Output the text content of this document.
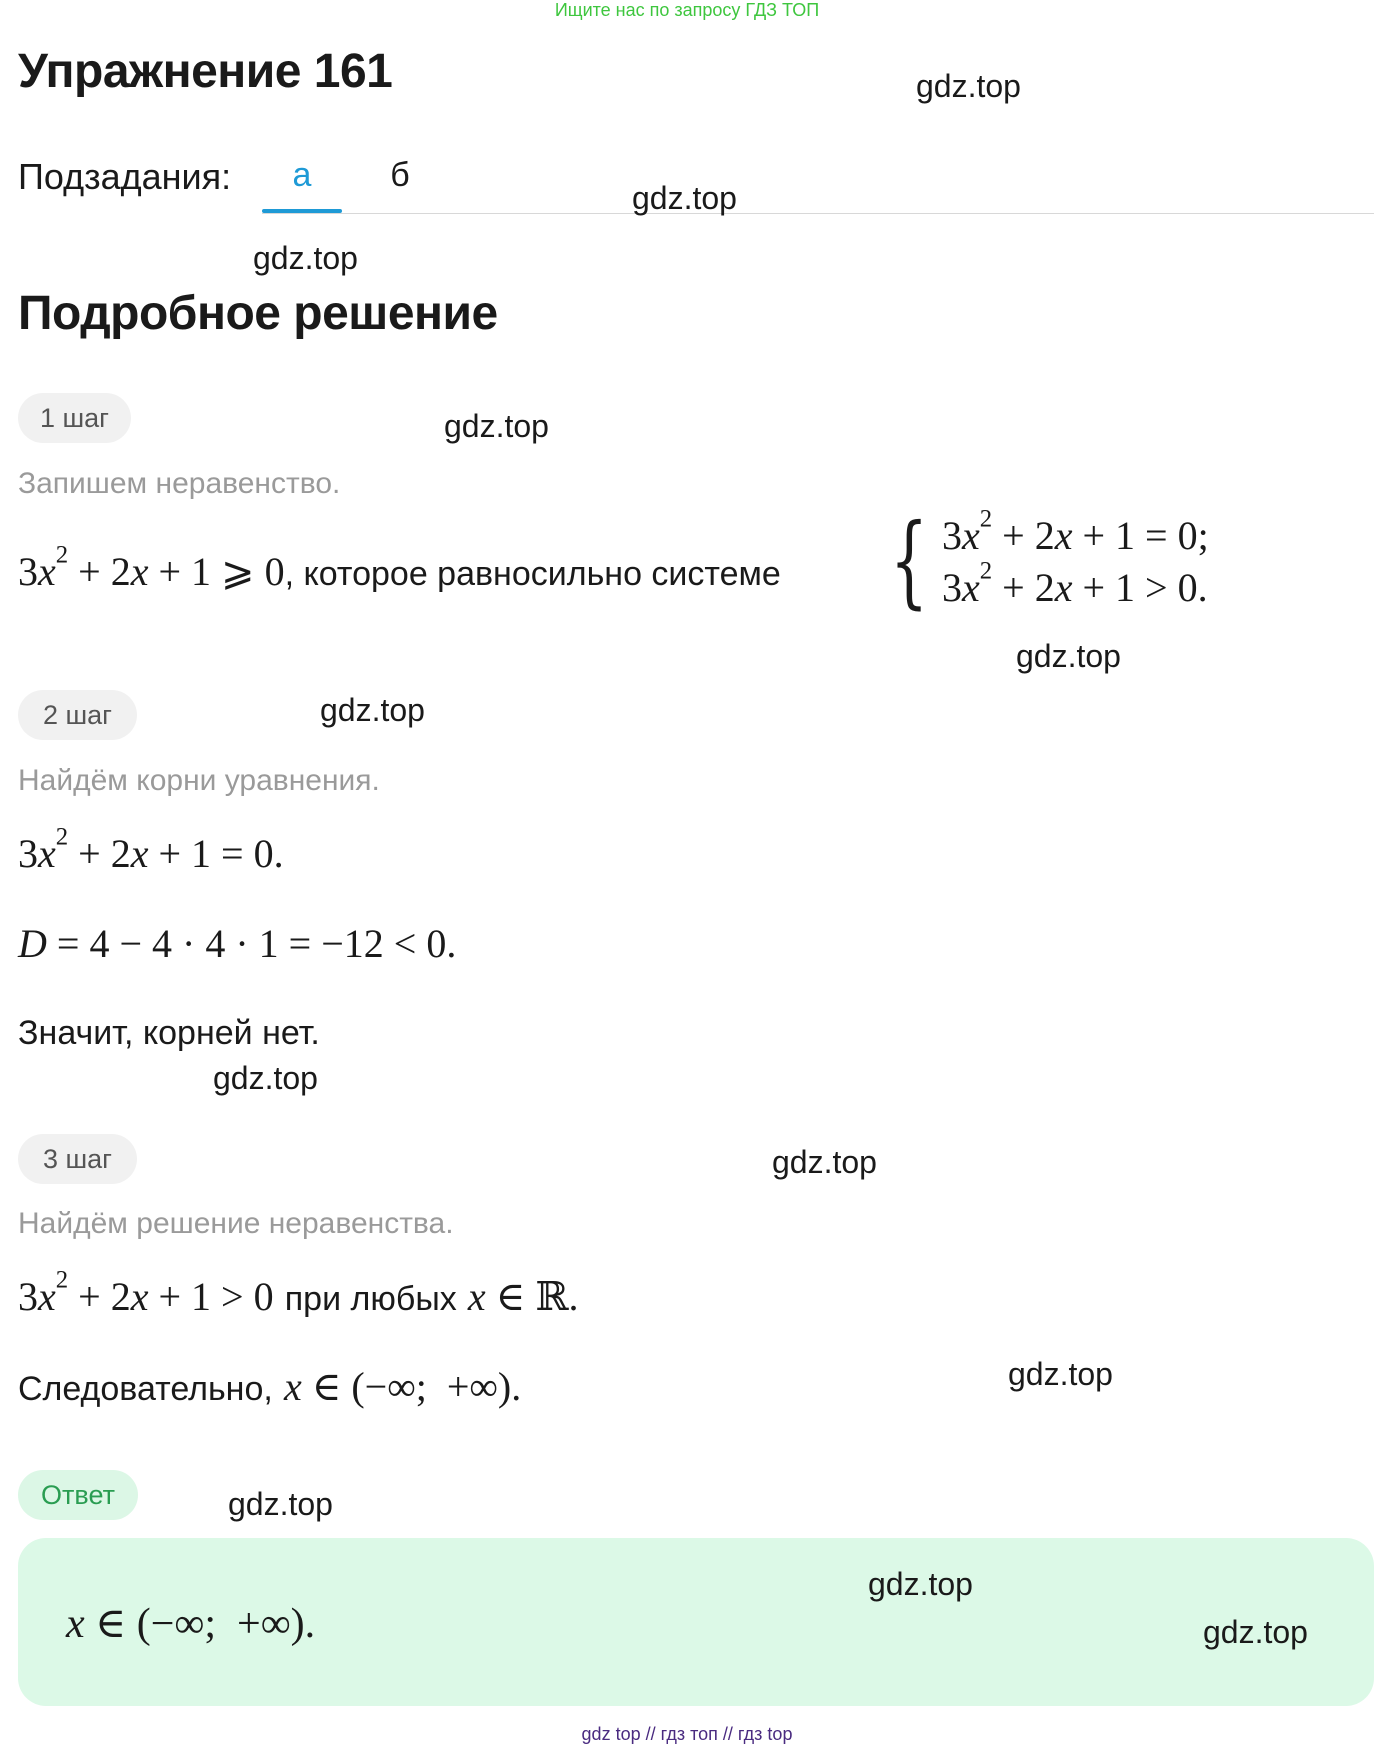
Ищите нас по запросу ГДЗ ТОП
Упражнение 161
Подзадания:	а	б
Подробное решение
1 шаг
Запишем неравенство.
$3x^2 + 2x + 1$ ⩾ 0, которое равносильно системе { $3x^2 + 2x + 1 = 0$;
$3x^2 + 2x + 1 > 0$.
2 шаг
Найдём корни уравнения.
$3x^2 + 2x + 1 = 0$.
D = 4 − 4 · 4 · 1 = −12 < 0.
Значит, корней нет.
3 шаг
Найдём решение неравенства.
$3x^2 + 2x + 1 > 0$ при любых x ∈ ℝ.
Следовательно, x ∈ (−∞;  +∞).
Ответ
x ∈ (−∞;  +∞).
gdz.top
gdz.top
gdz.top
gdz.top
gdz.top
gdz.top
gdz.top
gdz.top
gdz.top
gdz.top
gdz.top
gdz.top
gdz top // гдз топ // гдз top
